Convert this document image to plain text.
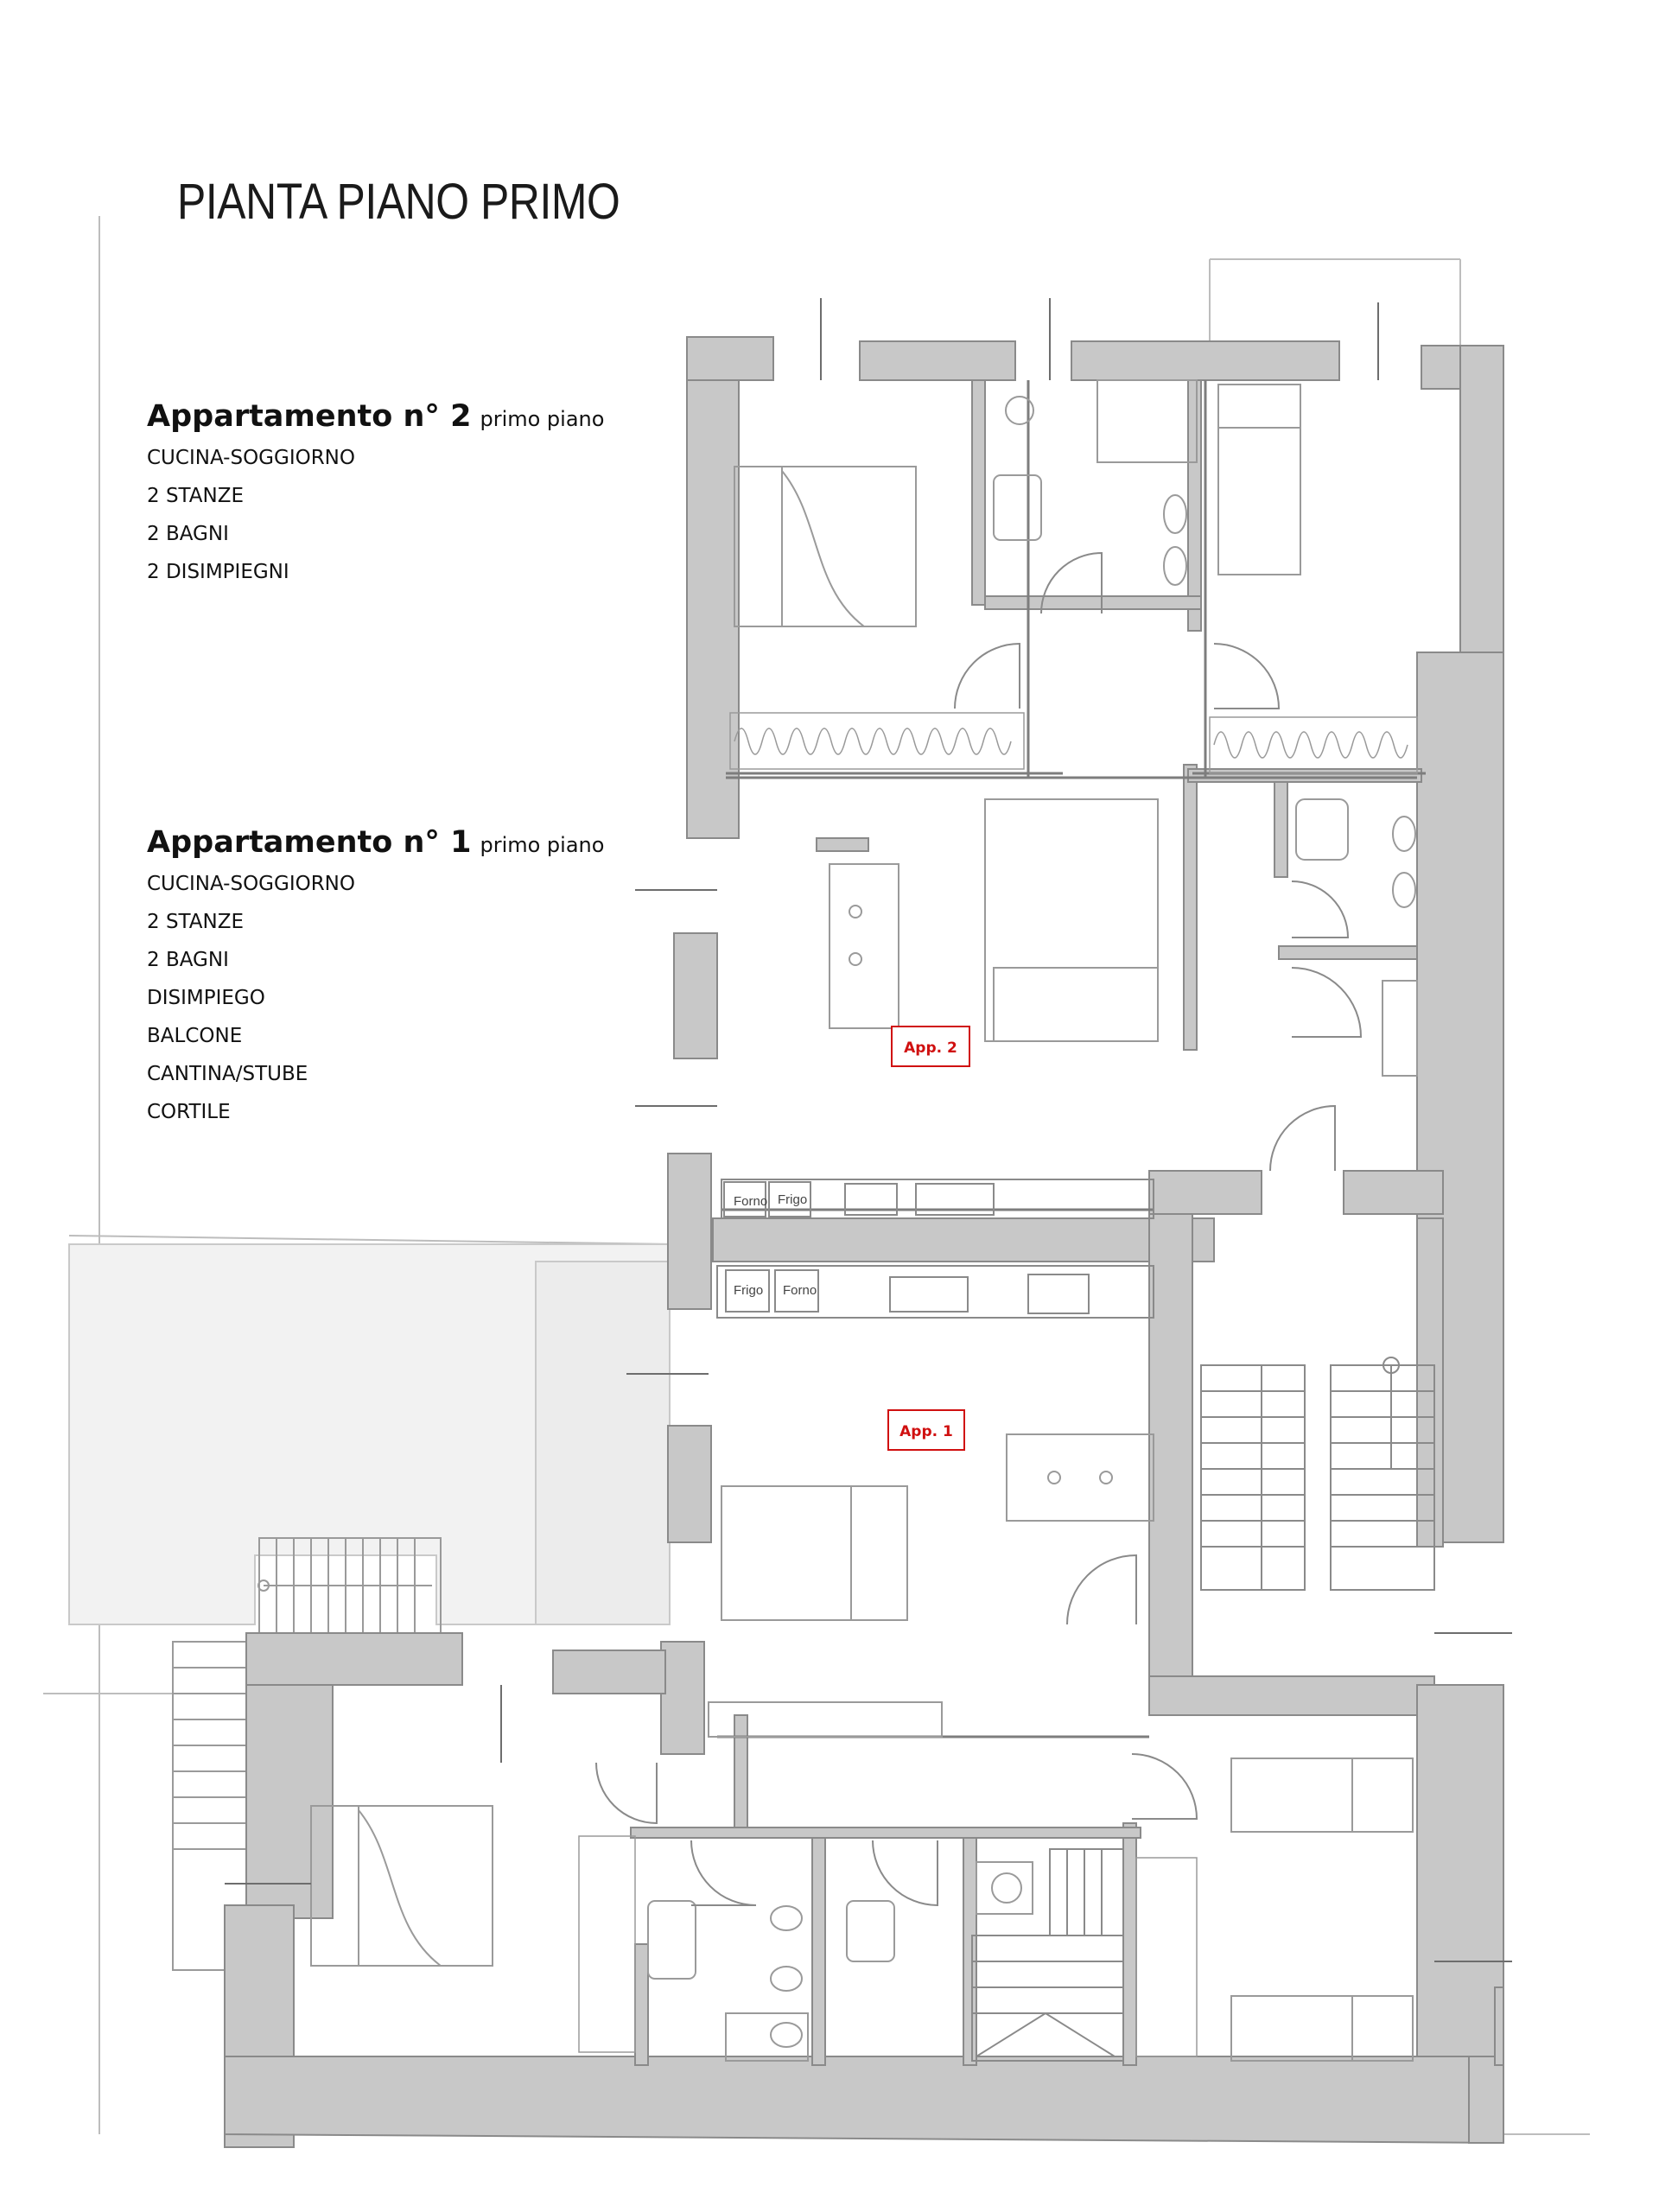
PIANTA PIANO PRIMO
Appartamento n° 2 primo piano
CUCINA-SOGGIORNO
2 STANZE
2 BAGNI
2 DISIMPIEGNI
Appartamento n° 1 primo piano
CUCINA-SOGGIORNO
2 STANZE
2 BAGNI
DISIMPIEGO
BALCONE
CANTINA/STUBE
CORTILE
Forno Frigo
Frigo Forno
App. 2
App. 1
